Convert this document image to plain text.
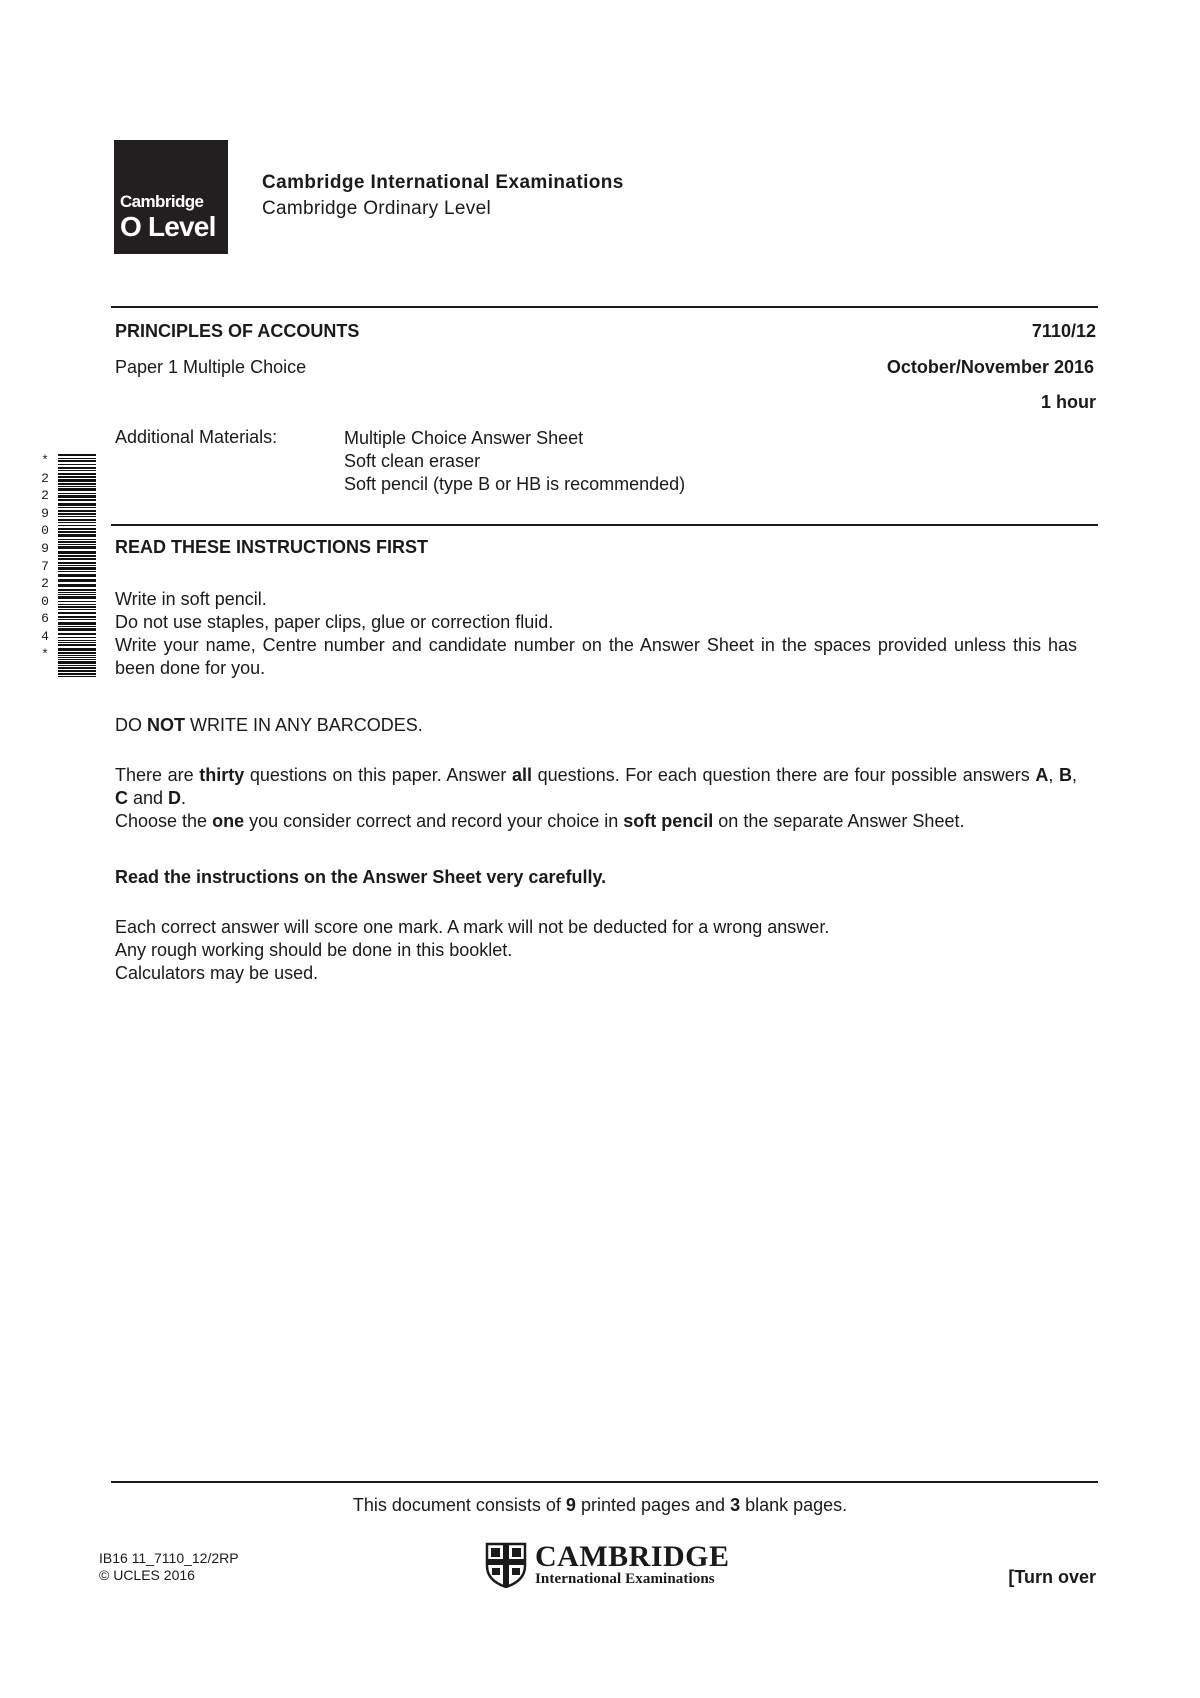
Cambridge
O Level
Cambridge International Examinations
Cambridge Ordinary Level
PRINCIPLES OF ACCOUNTS	7110/12
Paper 1 Multiple Choice	October/November 2016
1 hour
Additional Materials:	Multiple Choice Answer Sheet
Soft clean eraser
Soft pencil (type B or HB is recommended)
*
2
2
9
0
9
7
2
0
6
4
*
READ THESE INSTRUCTIONS FIRST

Write in soft pencil.

Do not use staples, paper clips, glue or correction fluid.

Write your name, Centre number and candidate number on the Answer Sheet in the spaces provided unless this has been done for you.

DO NOT WRITE IN ANY BARCODES.

There are thirty questions on this paper. Answer all questions. For each question there are four possible answers A, B, C and D.

Choose the one you consider correct and record your choice in soft pencil on the separate Answer Sheet.

Read the instructions on the Answer Sheet very carefully.

Each correct answer will score one mark. A mark will not be deducted for a wrong answer.

Any rough working should be done in this booklet.

Calculators may be used.

This document consists of 9 printed pages and 3 blank pages.
IB16 11_7110_12/2RP
© UCLES 2016
CAMBRIDGE
International Examinations	[Turn over
